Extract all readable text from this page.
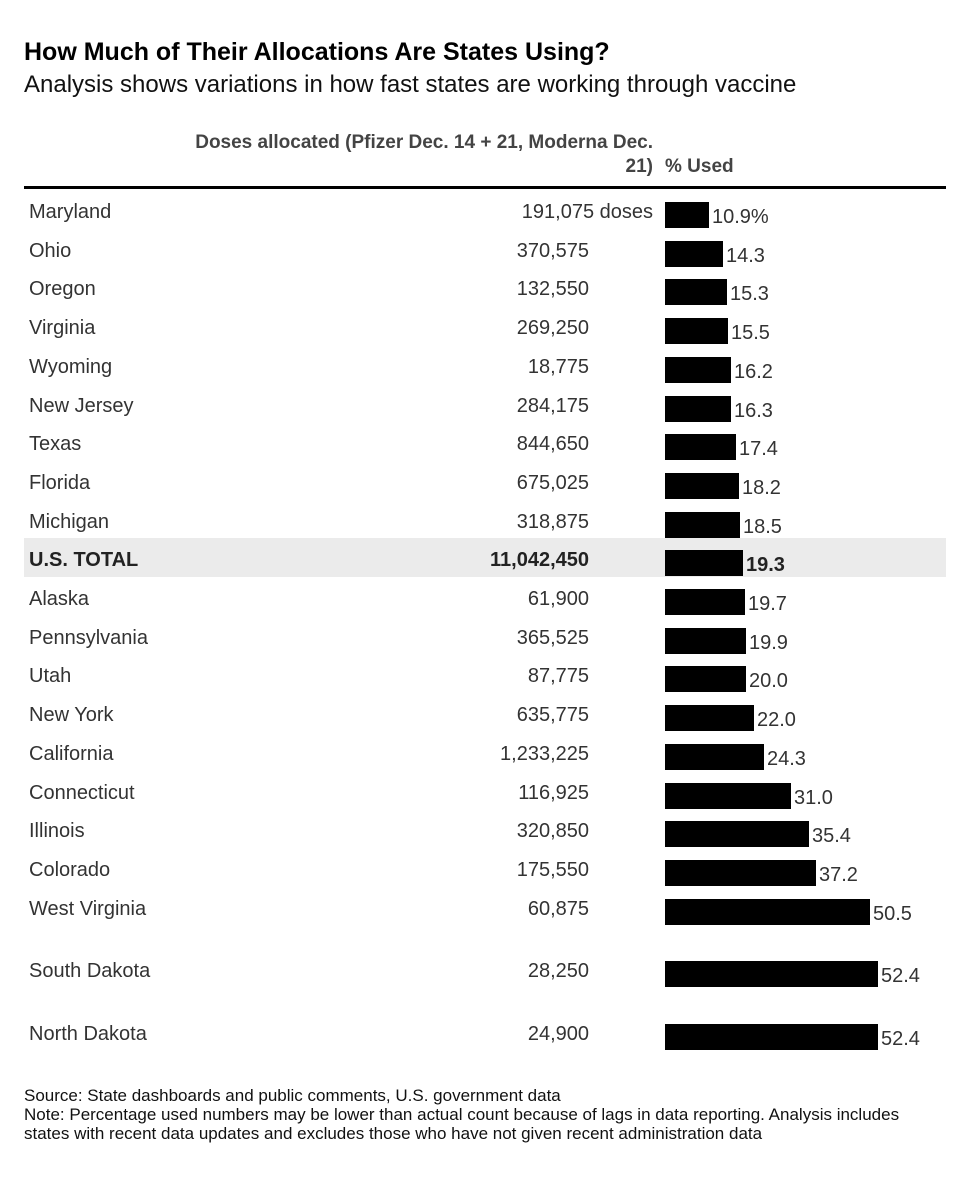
How Much of Their Allocations Are States Using?
Analysis shows variations in how fast states are working through vaccine
Doses allocated (Pfizer Dec. 14 + 21, Moderna Dec. 21) % Used
Maryland	191,075 doses	10.9%
Ohio	370,575	14.3
Oregon	132,550	15.3
Virginia	269,250	15.5
Wyoming	18,775	16.2
New Jersey	284,175	16.3
Texas	844,650	17.4
Florida	675,025	18.2
Michigan	318,875	18.5
U.S. TOTAL	11,042,450	19.3
Alaska	61,900	19.7
Pennsylvania	365,525	19.9
Utah	87,775	20.0
New York	635,775	22.0
California	1,233,225	24.3
Connecticut	116,925	31.0
Illinois	320,850	35.4
Colorado	175,550	37.2
West Virginia	60,875	50.5
South Dakota	28,250	52.4
North Dakota	24,900	52.4
Source: State dashboards and public comments, U.S. government data
Note: Percentage used numbers may be lower than actual count because of lags in data reporting. Analysis includes states with recent data updates and excludes those who have not given recent administration data
